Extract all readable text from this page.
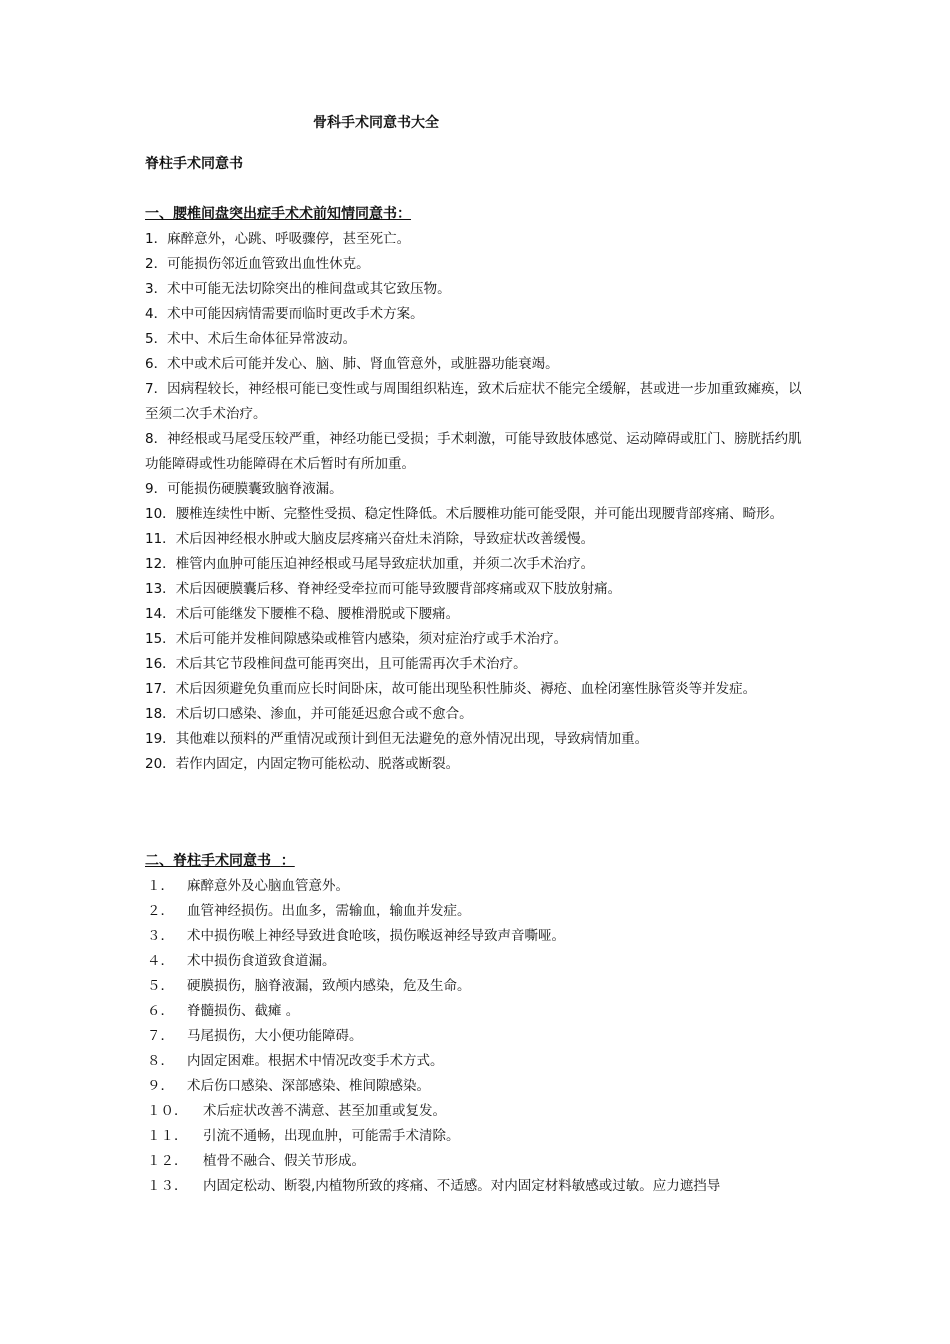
骨科手术同意书大全
脊柱手术同意书
一、腰椎间盘突出症手术术前知情同意书：
1．麻醉意外，心跳、呼吸骤停，甚至死亡。
2．可能损伤邻近血管致出血性休克。
3．术中可能无法切除突出的椎间盘或其它致压物。
4．术中可能因病情需要而临时更改手术方案。
5．术中、术后生命体征异常波动。
6．术中或术后可能并发心、脑、肺、肾血管意外，或脏器功能衰竭。
7．因病程较长，神经根可能已变性或与周围组织粘连，致术后症状不能完全缓解，甚或进一步加重致瘫痪，以至须二次手术治疗。
8．神经根或马尾受压较严重，神经功能已受损；手术刺激，可能导致肢体感觉、运动障碍或肛门、膀胱括约肌功能障碍或性功能障碍在术后暂时有所加重。
9．可能损伤硬膜囊致脑脊液漏。
10．腰椎连续性中断、完整性受损、稳定性降低。术后腰椎功能可能受限，并可能出现腰背部疼痛、畸形。
11．术后因神经根水肿或大脑皮层疼痛兴奋灶未消除，导致症状改善缓慢。
12．椎管内血肿可能压迫神经根或马尾导致症状加重，并须二次手术治疗。
13．术后因硬膜囊后移、脊神经受牵拉而可能导致腰背部疼痛或双下肢放射痛。
14．术后可能继发下腰椎不稳、腰椎滑脱或下腰痛。
15．术后可能并发椎间隙感染或椎管内感染，须对症治疗或手术治疗。
16．术后其它节段椎间盘可能再突出，且可能需再次手术治疗。
17．术后因须避免负重而应长时间卧床，故可能出现坠积性肺炎、褥疮、血栓闭塞性脉管炎等并发症。
18．术后切口感染、渗血，并可能延迟愈合或不愈合。
19．其他难以预料的严重情况或预计到但无法避免的意外情况出现，导致病情加重。
20．若作内固定，内固定物可能松动、脱落或断裂。
二、脊柱手术同意书 ：
１． 麻醉意外及心脑血管意外。
２． 血管神经损伤。出血多，需输血，输血并发症。
３． 术中损伤喉上神经导致进食呛咳，损伤喉返神经导致声音嘶哑。
４． 术中损伤食道致食道漏。
５． 硬膜损伤，脑脊液漏，致颅内感染，危及生命。
６． 脊髓损伤、截瘫 。
７． 马尾损伤，大小便功能障碍。
８． 内固定困难。根据术中情况改变手术方式。
９． 术后伤口感染、深部感染、椎间隙感染。
１０． 术后症状改善不满意、甚至加重或复发。
１１． 引流不通畅，出现血肿，可能需手术清除。
１２． 植骨不融合、假关节形成。
１３． 内固定松动、断裂,内植物所致的疼痛、不适感。对内固定材料敏感或过敏。应力遮挡导
